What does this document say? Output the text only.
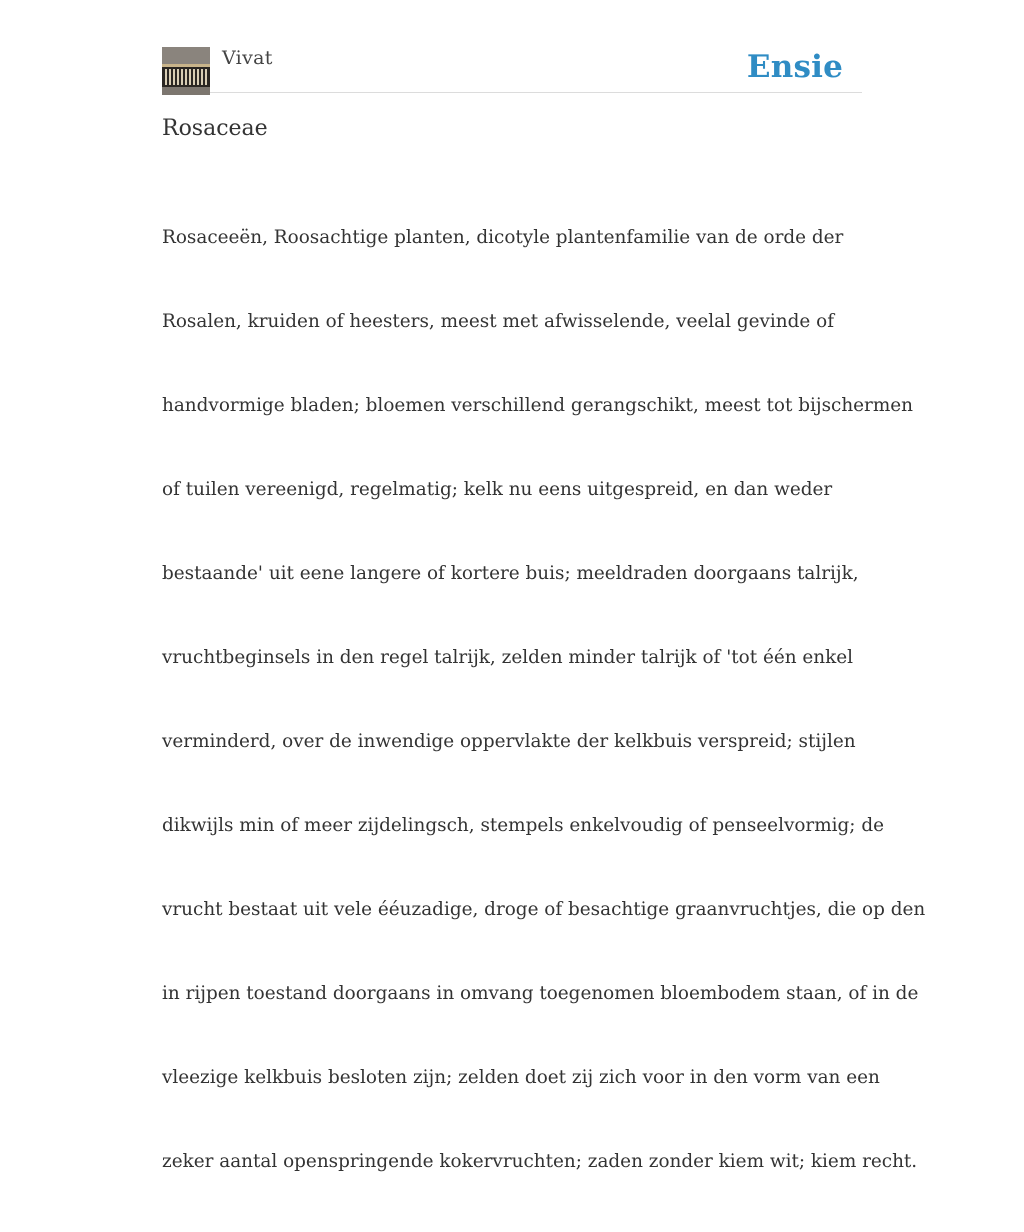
Vivat	Ensie
Rosaceae

Rosaceeën, Roosachtige planten, dicotyle plantenfamilie van de orde der

Rosalen, kruiden of heesters, meest met afwisselende, veelal gevinde of

handvormige bladen; bloemen verschillend gerangschikt, meest tot bijschermen

of tuilen vereenigd, regelmatig; kelk nu eens uitgespreid, en dan weder

bestaande' uit eene langere of kortere buis; meeldraden doorgaans talrijk,

vruchtbeginsels in den regel talrijk, zelden minder talrijk of 'tot één enkel

verminderd, over de inwendige oppervlakte der kelkbuis verspreid; stijlen

dikwijls min of meer zijdelingsch, stempels enkelvoudig of penseelvormig; de

vrucht bestaat uit vele ééuzadige, droge of besachtige graanvruchtjes, die op den

in rijpen toestand doorgaans in omvang toegenomen bloembodem staan, of in de

vleezige kelkbuis besloten zijn; zelden doet zij zich voor in den vorm van een

zeker aantal openspringende kokervruchten; zaden zonder kiem wit; kiem recht.
